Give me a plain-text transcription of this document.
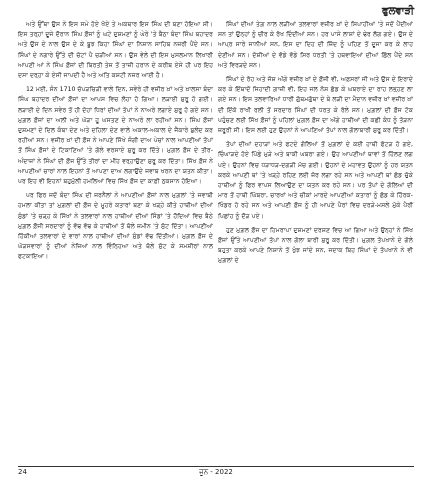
ਫੁਲਵਾੜੀ

ਅਤੇ ਉੱਥਾ ਉਸ ਨੇ ਇਸ ਸਮੇ ਹੋਏ ਖੋਏ ਤੇ ਅਕਥਾਰ ਇਸ ਸਿੰਘ ਦੀ ਬਣਾ ਹੋਇਆ ਸੀ। ਇਸ ਤਰ੍ਹਾਂ ਦੂਜੇ ਦੌਰਾਨ ਸਿੰਘ ਫ਼ੌਜਾਂ ਨੂੰ ਘਟੇ ਦੁਸ਼ਮਣਾਂ ਨੂੰ ਘੇਰੇ 'ਤੇ ਬੈਠਾ ਬੰਦਾ ਸਿੰਘ ਬਹਾਦਰ ਅਤੇ ਉਸ ਦੇ ਨਾਲ ਉਸ ਦੇ ਕੇ ਬੂਝ ਕਿਹਾ ਸਿੰਘਾਂ ਦਾ ਨਿਸ਼ਾਨ ਸਾਹਿਬ ਨਜ਼ਰੀ ਪੈਂਦੇ ਸਨ। ਸਿੰਘਾਂ ਦੇ ਨਗਾਰੇ ਉੱਤੇ ਦੀ ਚੋਟਾਂ ਪੈ ਚੜੀਆਂ ਸਨ। ਉਸ ਵੇਲੇ ਦੀ ਇਸ ਮੁਸਲਮਾਨ ਲਿਖਾਰੀ ਆਪਣੀ ਆਂ ਨੇ ਸਿੰਘ ਫ਼ੌਜਾਂ ਦੀ ਬਿਰਤੀ ਤੇਜ਼ ਤੋਂ ਤਾਜ਼ੀ ਹਰਾਨ ਦੇ ਕਰੀਬ ਏਸੇ ਹੀ ਪਰ ਇਹ ਦਸਾ ਦਰ੍ਹਾ ਕੇ ਏਸੀ ਜਾਪਦੀ ਹੈ ਅਤੇ ਅਤਿ ਕਸ਼ਟੀ ਨਜ਼ਰ ਆਈ ਹੈ।

12 ਮਈ, ਸੰਨ 1710 ਚੱਪੜਚਿੜੀ ਵਾਲੇ ਦਿਨ, ਸਵੇਰੇ ਹੀ ਵਜ਼ੀਰ ਖ਼ਾਂ ਅਤੇ ਖ਼ਾਲਸਾ ਬੰਦਾ ਸਿੰਘ ਬਹਾਦਰ ਦੀਆਂ ਫ਼ੌਜਾਂ ਦਾ ਆਪਸ ਵਿਚ ਲੋਹਾ ਹੋ ਗਿਆ। ਲੜਾਈ ਸ਼ੁਰੂ ਹੋ ਗਈ। ਲੜਾਈ ਦੇ ਦਿਨ ਸਵੇਰ ਤੋਂ ਹੀ ਦੋਹਾਂ ਧਿਰਾਂ ਦੀਆਂ ਤੋਪਾਂ ਨੇ ਨਾਅਰੇ ਲਗਾਏ ਸ਼ੁਰੂ ਹੋ ਗਏ ਸਨ। ਮੁਗ਼ਲ ਫ਼ੌਜਾਂ ਦਾ ਅਲੀ ਅਤੇ ਘੋੜਾ ਹੂ ਘਸਤਣ ਦੇ ਨਾਅਰੇ ਲਾ ਰਹੀਆਂ ਸਨ। ਸਿੰਘ ਫ਼ੌਜਾਂ ਦੁਸ਼ਮਣਾਂ ਦੇ ਦਿਲ ਕੰਬਾ ਦੇਣ ਅਤੇ ਦਹਿਲਾ ਦੇਣ ਵਾਲੇ ਅਕਾਲ-ਅਕਾਲ ਦੇ ਜੈਕਾਰੇ ਬੁਲੰਦ ਕਰ ਰਹੀਆਂ ਸਨ। ਵਜ਼ੀਰ ਖ਼ਾਂ ਦੀ ਫ਼ੌਜ ਨੇ ਆਪਣੇ ਸਿੱਖੇ ਜੰਗੀ ਦਾਅ ਪੇਚਾਂ ਨਾਲ ਆਪਣੀਆਂ ਤੋਪਾਂ ਤੋਂ ਸਿੰਘ ਫ਼ੌਜਾਂ ਦੇ ਟਿਕਾਣਿਆਂ 'ਤੇ ਗੋਲੇ ਵਰਸਾਏ ਸ਼ੁਰੂ ਕਰ ਦਿੱਤੇ। ਮੁਗ਼ਲ ਫ਼ੌਜ ਦੇ ਤੀਰ-ਅੰਦਾਜ਼ਾਂ ਨੇ ਸਿੰਘਾਂ ਦੀ ਫ਼ੌਜ ਉੱਤੇ ਤੀਰਾਂ ਦਾ ਮੀਂਹ ਵਰ੍ਹਾਉਣਾ ਸ਼ੁਰੂ ਕਰ ਦਿੱਤਾ। ਸਿੱਖ ਫ਼ੌਜ ਨੇ ਆਪਣੀਆਂ ਚਾਰਾਂ ਨਾਲ ਇਹਨਾਂ ਤੋਂ ਆਪਣਾ ਦਾਅ ਲਗਾਉਂਦੇ ਜਵਾਬ ਖਰਨ ਦਾ ਯਤਨ ਕੀਤਾ। ਪਰ ਇਹ ਵੀ ਇਹਨਾਂ ਬਹੁਮੁੱਲੀ ਹਮਲਿਆਂ ਵਿਚ ਸਿੱਖ ਫ਼ੌਜ ਦਾ ਕਾਫ਼ੀ ਨੁਕਸਾਨ ਹੋਇਆ।

ਪਰ ਫਿਰ ਜਦੋਂ ਬੰਦਾ ਸਿੰਘ ਦੀ ਜਰਨੈਲਾਂ ਨੇ ਆਪਣੀਆਂ ਫ਼ੌਜਾਂ ਨਾਲ ਮੁਗ਼ਲਾਂ 'ਤੇ ਜਵਾਬੀ ਹਮਲਾ ਕੀਤਾ ਤਾਂ ਮੁਗ਼ਲਾਂ ਦੀ ਫ਼ੌਜ ਦੇ ਮੂਹਰੇ ਕਤਾਰਾਂ ਬਣਾ ਕੇ ਖੜ੍ਹੇ ਕੀਤੇ ਹਾਥੀਆਂ ਦੀਆਂ ਸੁੰਡਾਂ 'ਤੇ ਚੜ੍ਹ ਕੇ ਸਿੱਖਾਂ ਨੇ ਤਲਵਾਰਾਂ ਨਾਲ ਹਾਥੀਆਂ ਦੀਆਂ ਸਿੰਡਾਂ 'ਤੇ ਹੌਦਿਆਂ ਵਿਚ ਬੈਠੇ ਮੁਗ਼ਲ ਫ਼ੌਜੀ ਸਰਦਾਰਾਂ ਨੂੰ ਵੱਢ ਵੱਢ ਕੇ ਹਾਥੀਆਂ ਤੋਂ ਥੱਲੇ ਜ਼ਮੀਨ 'ਤੇ ਸੁੱਟ ਦਿੱਤਾ। ਆਪਣੀਆਂ ਹਿੱਕੀਆਂ ਤਲਵਾਰਾਂ ਦੇ ਵਾਰਾਂ ਨਾਲ ਹਾਥੀਆਂ ਦੀਆਂ ਸੁੰਡਾਂ ਵੱਢ ਦਿੱਤੀਆਂ। ਮੁਗ਼ਲ ਫ਼ੌਜ ਦੇ ਘੋੜਸਵਾਰਾਂ ਨੂੰ ਦੀਆਂ ਨੇਜ਼ਿਆਂ ਨਾਲ ਵਿੰਨ੍ਹਿਆ ਅਤੇ ਥੱਲੇ ਸੁੱਟ ਕੇ ਸਮਸ਼ੀਰਾਂ ਨਾਲ ਫਟਕਾਇਆ।

ਸਿੰਘਾਂ ਦੀਆਂ ਤੇਗ਼ ਨਾਲ ਲੜੀਆਂ ਤਲਵਾਰਾਂ ਵਜ਼ੀਰ ਖ਼ਾਂ ਦੇ ਸਿਪਾਹੀਆਂ 'ਤੇ ਜਦੋਂ ਪੈਂਦੀਆਂ ਸਨ ਤਾਂ ਉਨ੍ਹਾਂ ਨੂੰ ਚੀਰ ਕੇ ਰੱਖ ਦਿੰਦੀਆਂ ਸਨ। ਹਰ ਪਾਸੇ ਲਾਸ਼ਾਂ ਦੇ ਢੇਰ ਲੱਗ ਗਏ। ਉਸ ਦੇ ਆਪ੍ਰ ਸਾਰੇ ਜਾਨੀਆਂ ਸਨ, ਇਸ ਦਾ ਦਿਹ ਦੀ ਜ਼ਿੱਦ ਨੂੰ ਪਹਿਣ ਤੋਂ ਦੂਜਾ ਕਰ ਕੇ ਲਾਹ ਦੇਣੀਆਂ ਸਨ। ਦੋਸ਼ੀਆਂ ਦੇ ਵੱਡੇ ਵੱਡੇ ਸਿਰ ਧਰਤੀ 'ਤੇ ਹਥਵਾਇਆਂ ਦੀਆਂ ਛਿੱਲ ਪੈਂਦੇ ਸਨ ਅਤੇ ਵਿਰੜਦੇ ਸਨ।

ਸਿੰਘਾਂ ਦੇ ਰੋਹ ਅਤੇ ਜੋਸ਼ ਅੱਗੇ ਵਜ਼ੀਰ ਖ਼ਾਂ ਦੇ ਫ਼ੌਜੀ ਵੀ, ਅਫ਼ਸਰਾਂ ਜੀ ਅਤੇ ਉਸ ਦੇ ਇਰਾਦੇ ਕਰ ਕੇ ਇੱਥਾਦੋਂ ਜਿਹਾਦੀ ਗ਼ਾਜ਼ੀ ਵੀ, ਇਹ ਜਲ ਨੋਸ਼ ਛੱਡ ਕੇ ਘਬਰਾਏ ਦਾ ਰਾਹ ਲਭ੍ਹਣ ਲਾ ਗਏ ਸਨ। ਇਸ ਤਲਵਾਰਿਆਂ ਧਾਰੀ ਗੁੱਥਮਗੁੱਥਾ ਦੇ ਬੇ ਲੜੀ ਦਾ ਮੈਦਾਨ ਵਜ਼ੀਰ ਖ਼ਾਂ ਵਜ਼ੀਰ ਖ਼ਾਂ ਦੀ ਇੱਕੋ ਰਾਖੀ ਰਲੀ ਤੋਂ ਸਰਦਾਰ ਸਿੰਘਾਂ ਦੀ ਧਰਤ ਕੇ ਰੱਲੇ ਸਨ। ਮੁਗ਼ਲਾਂ ਦੀ ਫ਼ੌਜ ਟੱਕ ਪਹੁੰਚਣ ਲਈ ਸਿੱਖ ਫ਼ੌਜਾਂ ਨੂੰ ਪਹਿਲਾਂ ਮੁਗ਼ਲ ਫ਼ੌਜ ਦਾ ਅੱਗੇ ਹਾਥੀਆਂ ਦੀ ਕਛੀ ਕੰਧ ਨੂੰ ਤੋੜਨਾ ਜ਼ਰੂਰੀ ਸੀ। ਇਸ ਲਈ ਹੁਣ ਉਹਨਾਂ ਨੇ ਆਪਣਿਆਂ ਤੋਪਾਂ ਨਾਲ ਗੋਲਾਬਾਰੀ ਸ਼ੁਰੂ ਕਰ ਦਿੱਤੀ।

ਤੋਪਾਂ ਦੀਆਂ ਦਹਾੜਾਂ ਅਤੇ ਫਟਦੇ ਗੋਲਿਆਂ ਤੋਂ ਮੁਗ਼ਲਾਂ ਦੇ ਕਈ ਹਾਥੀ ਫੱਟੜ ਹੋ ਗਏ, ਚਿੰਘਾੜਦੇ ਹੋਏ ਪਿੱਛੇ ਮੁੜੇ ਅਤੇ ਬਾਕੀ ਘਬਰਾ ਗਏ। ਉਹ ਆਪਣੀਆਂ ਥਾਵਾਂ ਤੋਂ ਹਿੱਲਣ ਲਗ ਪਏ। ਉਹਨਾਂ ਵਿਚ ਧੜਾਧੜ-ਦਗੜੀ ਮੱਚ ਗਈ। ਉਹਨਾਂ ਦੇ ਮਹਾਵਤ ਉਹਨਾਂ ਨੂੰ ਹਰ ਯਤਨ ਕਰਕੇ ਆਪਣੀ ਥਾਂ 'ਤੇ ਖੜ੍ਹੇ ਰਹਿਣ ਲਈ ਜ਼ੋਰ ਲਗਾ ਰਹੇ ਸਨ ਅਤੇ ਆਪਣੀ ਥਾਂ ਛੱਡ ਚੁੱਕੇ ਹਾਥੀਆਂ ਨੂੰ ਫਿਰ ਵਾਪਸ ਲਿਆਉਣ ਦਾ ਯਤਨ ਕਰ ਰਹੇ ਸਨ। ਪਰ ਤੋਪਾਂ ਦੇ ਗੋਲਿਆਂ ਦੀ ਮਾਰ ਤੋਂ ਹਾਥੀ ਘਿੱਬਰਾ, ਚਾਰਖਾਂ ਅਤੇ ਚੀਕਾਂ ਮਾਰਦੇ ਆਪਣੀਆਂ ਕਤਾਰਾਂ ਨੂੰ ਛੱਡ ਕੇ ਹਿੱਰਕ-ਖਿੰਡਰ ਹੋ ਰਹੇ ਸਨ ਅਤੇ ਆਪਣੀ ਫ਼ੌਜ ਨੂੰ ਹੀ ਆਪਣੇ ਪੈਰਾਂ ਵਿਚ ਦਰੜੇ-ਮਸਲੇ ਮੁੱਕੇ ਪੈਰੀਂ ਪਿਛਾਂਹ ਨੂੰ ਦੌੜ ਪਏ।

ਹੁਣ ਮੁਗ਼ਲ ਫ਼ੌਜ ਦਾ ਹਿਮਰਾਪਾ ਦੁਸ਼ਮਣਾਂ ਦਰਸ਼ਣ ਵਿਚ ਆ ਗਿਆ ਅਤੇ ਉਨ੍ਹਾਂ ਨੇ ਸਿੱਖ ਫ਼ੌਜਾਂ ਉੱਤੇ ਆਪਣੀਆਂ ਤੋਪਾਂ ਨਾਲ ਗੋਲਾ ਬਾਰੀ ਸ਼ੁਰੂ ਕਰ ਦਿੱਤੀ। ਮੁਗ਼ਲ ਤੋਪਖਾਨੇ ਦੇ ਗੋਲੇ ਬਹੁਤਾ ਕਰਕੇ ਆਪਣੇ ਨਿਸ਼ਾਨੇ ਤੋਂ ਖੁੰਝ ਜਾਂਦੇ ਸਨ, ਜਦਾਕ ਬਿਹ ਸਿੰਘਾਂ ਦੇ ਤੋਪਖਾਨੇ ਨੇ ਵੀ ਮੁਗ਼ਲਾਂ ਦੇ

24	ਜੂਨ - 2022
